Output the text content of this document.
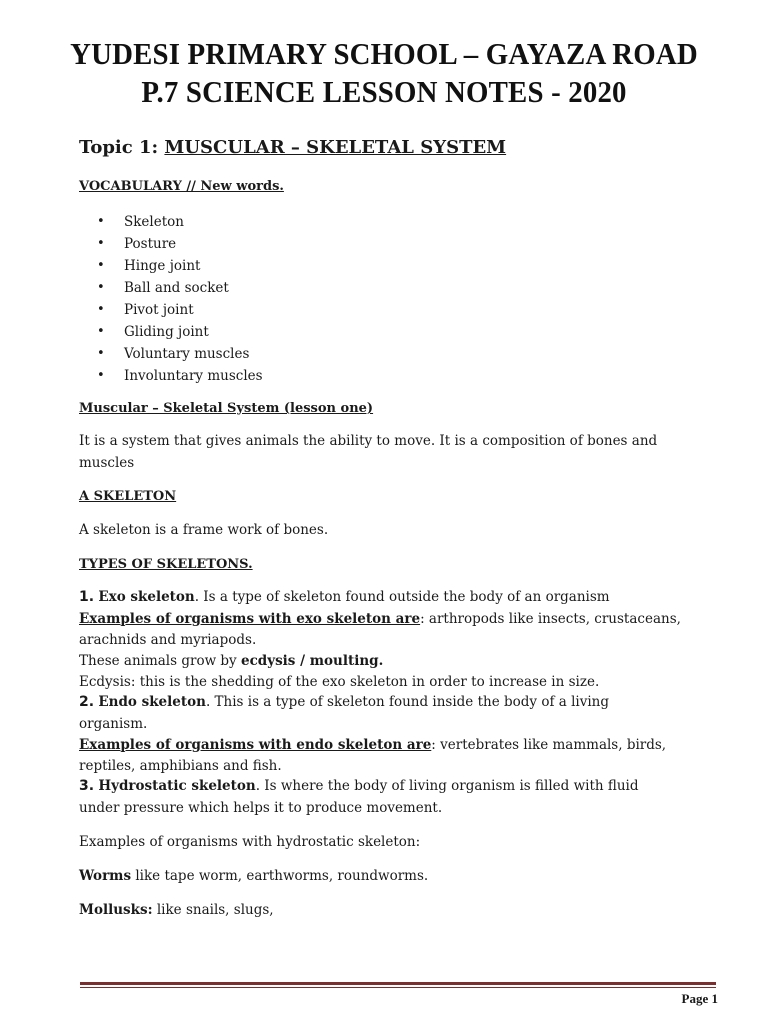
YUDESI PRIMARY SCHOOL – GAYAZA ROAD
P.7 SCIENCE LESSON NOTES - 2020
Topic 1: MUSCULAR – SKELETAL SYSTEM
VOCABULARY // New words.
• Skeleton
• Posture
• Hinge joint
• Ball and socket
• Pivot joint
• Gliding joint
• Voluntary muscles
• Involuntary muscles
Muscular – Skeletal System (lesson one)
It is a system that gives animals the ability to move. It is a composition of bones and
muscles
A SKELETON
A skeleton is a frame work of bones.
TYPES OF SKELETONS.
1. Exo skeleton. Is a type of skeleton found outside the body of an organism
Examples of organisms with exo skeleton are: arthropods like insects, crustaceans,
arachnids and myriapods.
These animals grow by ecdysis / moulting.
Ecdysis: this is the shedding of the exo skeleton in order to increase in size.
2. Endo skeleton. This is a type of skeleton found inside the body of a living
organism.
Examples of organisms with endo skeleton are: vertebrates like mammals, birds,
reptiles, amphibians and fish.
3. Hydrostatic skeleton. Is where the body of living organism is filled with fluid
under pressure which helps it to produce movement.
Examples of organisms with hydrostatic skeleton:
Worms like tape worm, earthworms, roundworms.
Mollusks: like snails, slugs,
Page 1
